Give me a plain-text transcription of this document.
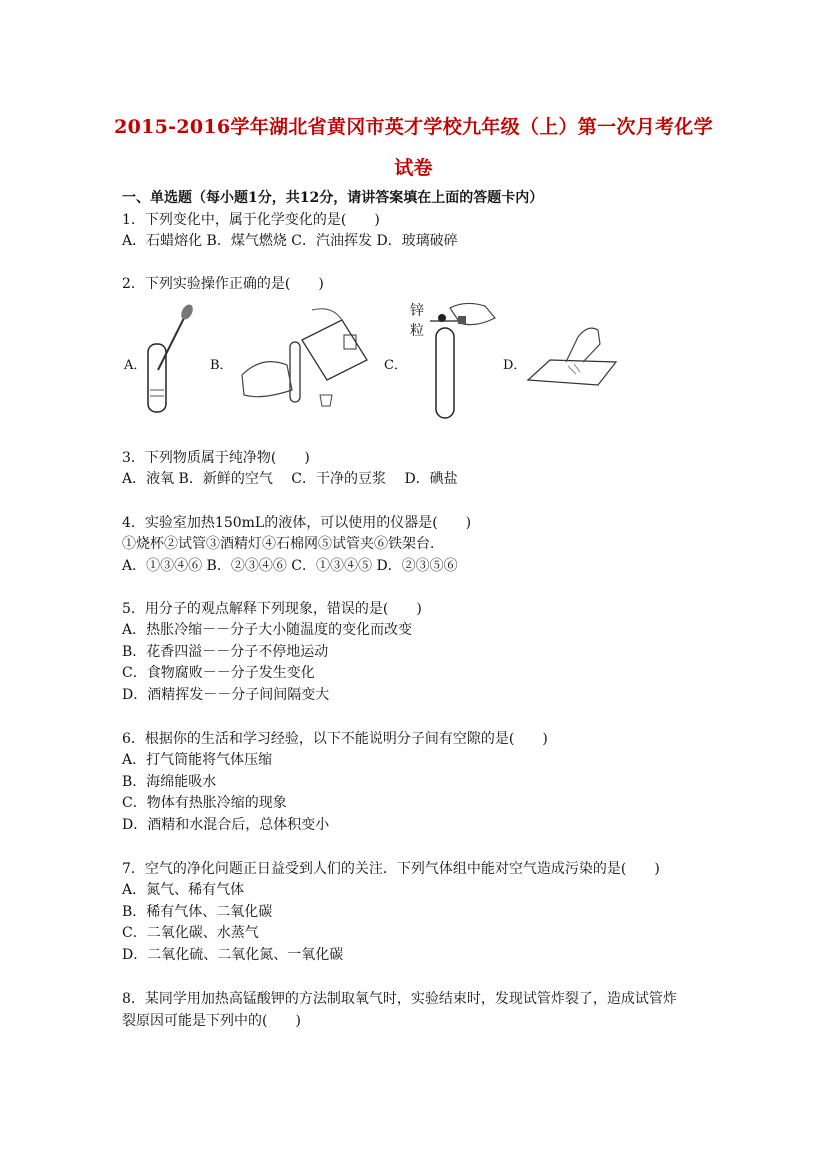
2015-2016学年湖北省黄冈市英才学校九年级（上）第一次月考化学
试卷
一、单选题（每小题1分，共12分，请讲答案填在上面的答题卡内）
1．下列变化中，属于化学变化的是(　　)
A．石蜡熔化 B．煤气燃烧 C．汽油挥发 D．玻璃破碎
2．下列实验操作正确的是(　　)
A．	B．	C．	D．
锌
粒
3．下列物质属于纯净物(　　)
A．液氧 B．新鲜的空气　 C．干净的豆浆　 D．碘盐
4．实验室加热150mL的液体，可以使用的仪器是(　　)
①烧杯②试管③酒精灯④石棉网⑤试管夹⑥铁架台．
A．①③④⑥ B．②③④⑥ C．①③④⑤ D．②③⑤⑥
5．用分子的观点解释下列现象，错误的是(　　)
A．热胀冷缩－－分子大小随温度的变化而改变
B．花香四溢－－分子不停地运动
C．食物腐败－－分子发生变化
D．酒精挥发－－分子间间隔变大
6．根据你的生活和学习经验，以下不能说明分子间有空隙的是(　　)
A．打气筒能将气体压缩
B．海绵能吸水
C．物体有热胀冷缩的现象
D．酒精和水混合后，总体积变小
7．空气的净化问题正日益受到人们的关注．下列气体组中能对空气造成污染的是(　　)
A．氮气、稀有气体
B．稀有气体、二氧化碳
C．二氧化碳、水蒸气
D．二氧化硫、二氧化氮、一氧化碳
8．某同学用加热高锰酸钾的方法制取氧气时，实验结束时，发现试管炸裂了，造成试管炸
裂原因可能是下列中的(　　)
